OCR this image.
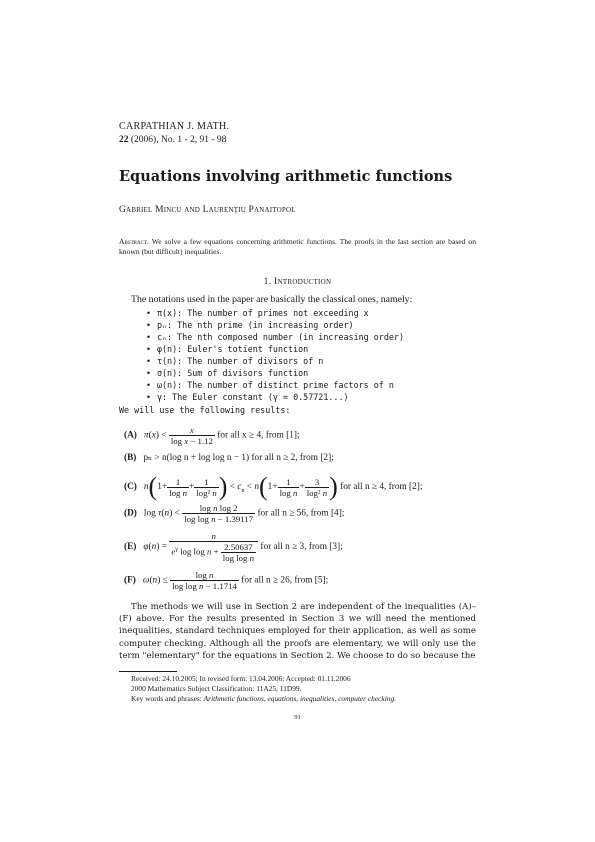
CARPATHIAN J. MATH.
22 (2006), No. 1 - 2, 91 - 98
Equations involving arithmetic functions
Gabriel Mincu and Laurenţiu Panaitopol
Abstract. We solve a few equations concerning arithmetic functions. The proofs in the last section are based on known (but difficult) inequalities.
1. Introduction
The notations used in the paper are basically the classical ones, namely:
• π(x): The number of primes not exceeding x
• pₙ: The nth prime (in increasing order)
• cₙ: The nth composed number (in increasing order)
• φ(n): Euler's totient function
• τ(n): The number of divisors of n
• σ(n): Sum of divisors function
• ω(n): The number of distinct prime factors of n
• γ: The Euler constant (γ = 0.57721...)
We will use the following results:
(A) $\pi(x) < \frac{x}{\text{log x − 1.12}}$ for all x ≥ 4, from [1];
(B) pₙ > n(log n + log log n − 1) for all n ≥ 2, from [2];
(C) $n(1+ \frac{1}{\text{log n}} + \frac{1}{\text{log² n}}$ ) < $c_n < n(1+ \frac{1}{\text{log n}} + \frac{3}{\text{log² n}}$ ) for all n ≥ 4, from [2];
(D)   $\log \tau(n) < \frac{\text{log n log 2}}{\text{log log n − 1.39117}}$ for all n ≥ 56, from [4];
(E) $\varphi(n) = \frac{n}{e^\gamma \log \log n + \frac{2.50637}{\text{log log n}}}$ for all n ≥ 3, from [3];
(F) $\omega(n) \le \frac{\text{log n}}{\text{log log n − 1.1714}}$ for all n ≥ 26, from [5];

The methods we will use in Section 2 are independent of the inequalities (A)–(F) above. For the results presented in Section 3 we will need the mentioned inequalities, standard techniques employed for their application, as well as some computer checking. Although all the proofs are elementary, we will only use the term "elementary" for the equations in Section 2. We choose to do so because the

Received: 24.10.2005; In revised form: 13.04.2006; Accepted: 01.11.2006
2000 Mathematics Subject Classification: 11A25, 11D99.
Key words and phrases: Arithmetic functions, equations, inequalities, computer checking.
91
